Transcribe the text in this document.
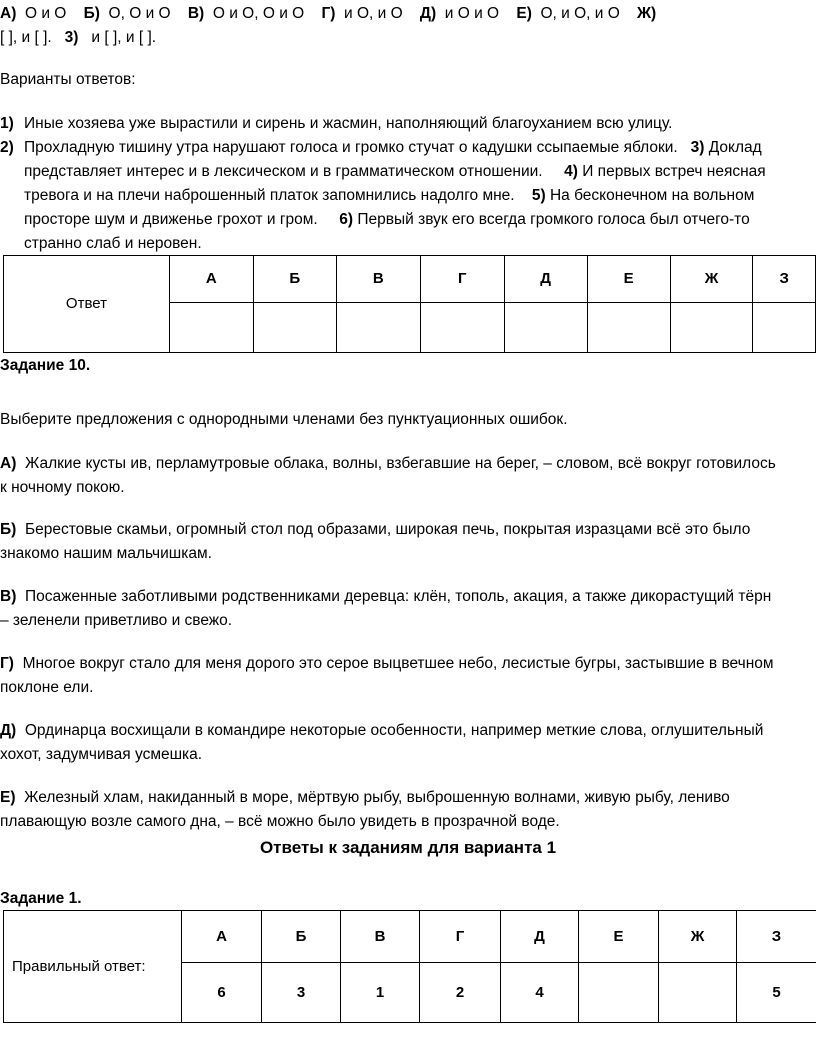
А) О и О Б) О, О и О В) О и О, О и О Г) и О, и О Д) и О и О Е) О, и О, и О Ж)
[ ], и [ ]. 3) и [ ], и [ ].
Варианты ответов:
1) Иные хозяева уже вырастили и сирень и жасмин, наполняющий благоуханием всю улицу.
2) Прохладную тишину утра нарушают голоса и громко стучат о кадушки ссыпаемые яблоки. 3) Доклад
представляет интерес и в лексическом и в грамматическом отношении. 4) И первых встреч неясная
тревога и на плечи наброшенный платок запомнились надолго мне. 5) На бесконечном на вольном
просторе шум и движенье грохот и гром. 6) Первый звук его всегда громкого голоса был отчего-то
странно слаб и неровен.
Ответ	А	Б	В	Г	Д	Е	Ж	З

Задание 10.
Выберите предложения с однородными членами без пунктуационных ошибок.
А) Жалкие кусты ив, перламутровые облака, волны, взбегавшие на берег, – словом, всё вокруг готовилось
к ночному покою.
Б) Берестовые скамьи, огромный стол под образами, широкая печь, покрытая изразцами всё это было
знакомо нашим мальчишкам.
В) Посаженные заботливыми родственниками деревца: клён, тополь, акация, а также дикорастущий тёрн
– зеленели приветливо и свежо.
Г) Многое вокруг стало для меня дорого это серое выцветшее небо, лесистые бугры, застывшие в вечном
поклоне ели.
Д) Ординарца восхищали в командире некоторые особенности, например меткие слова, оглушительный
хохот, задумчивая усмешка.
Е) Железный хлам, накиданный в море, мёртвую рыбу, выброшенную волнами, живую рыбу, лениво
плавающую возле самого дна, – всё можно было увидеть в прозрачной воде.
Ответы к заданиям для варианта 1
Задание 1.
Правильный ответ:	А	Б	В	Г	Д	Е	Ж	З
	6	3	1	2	4			5
